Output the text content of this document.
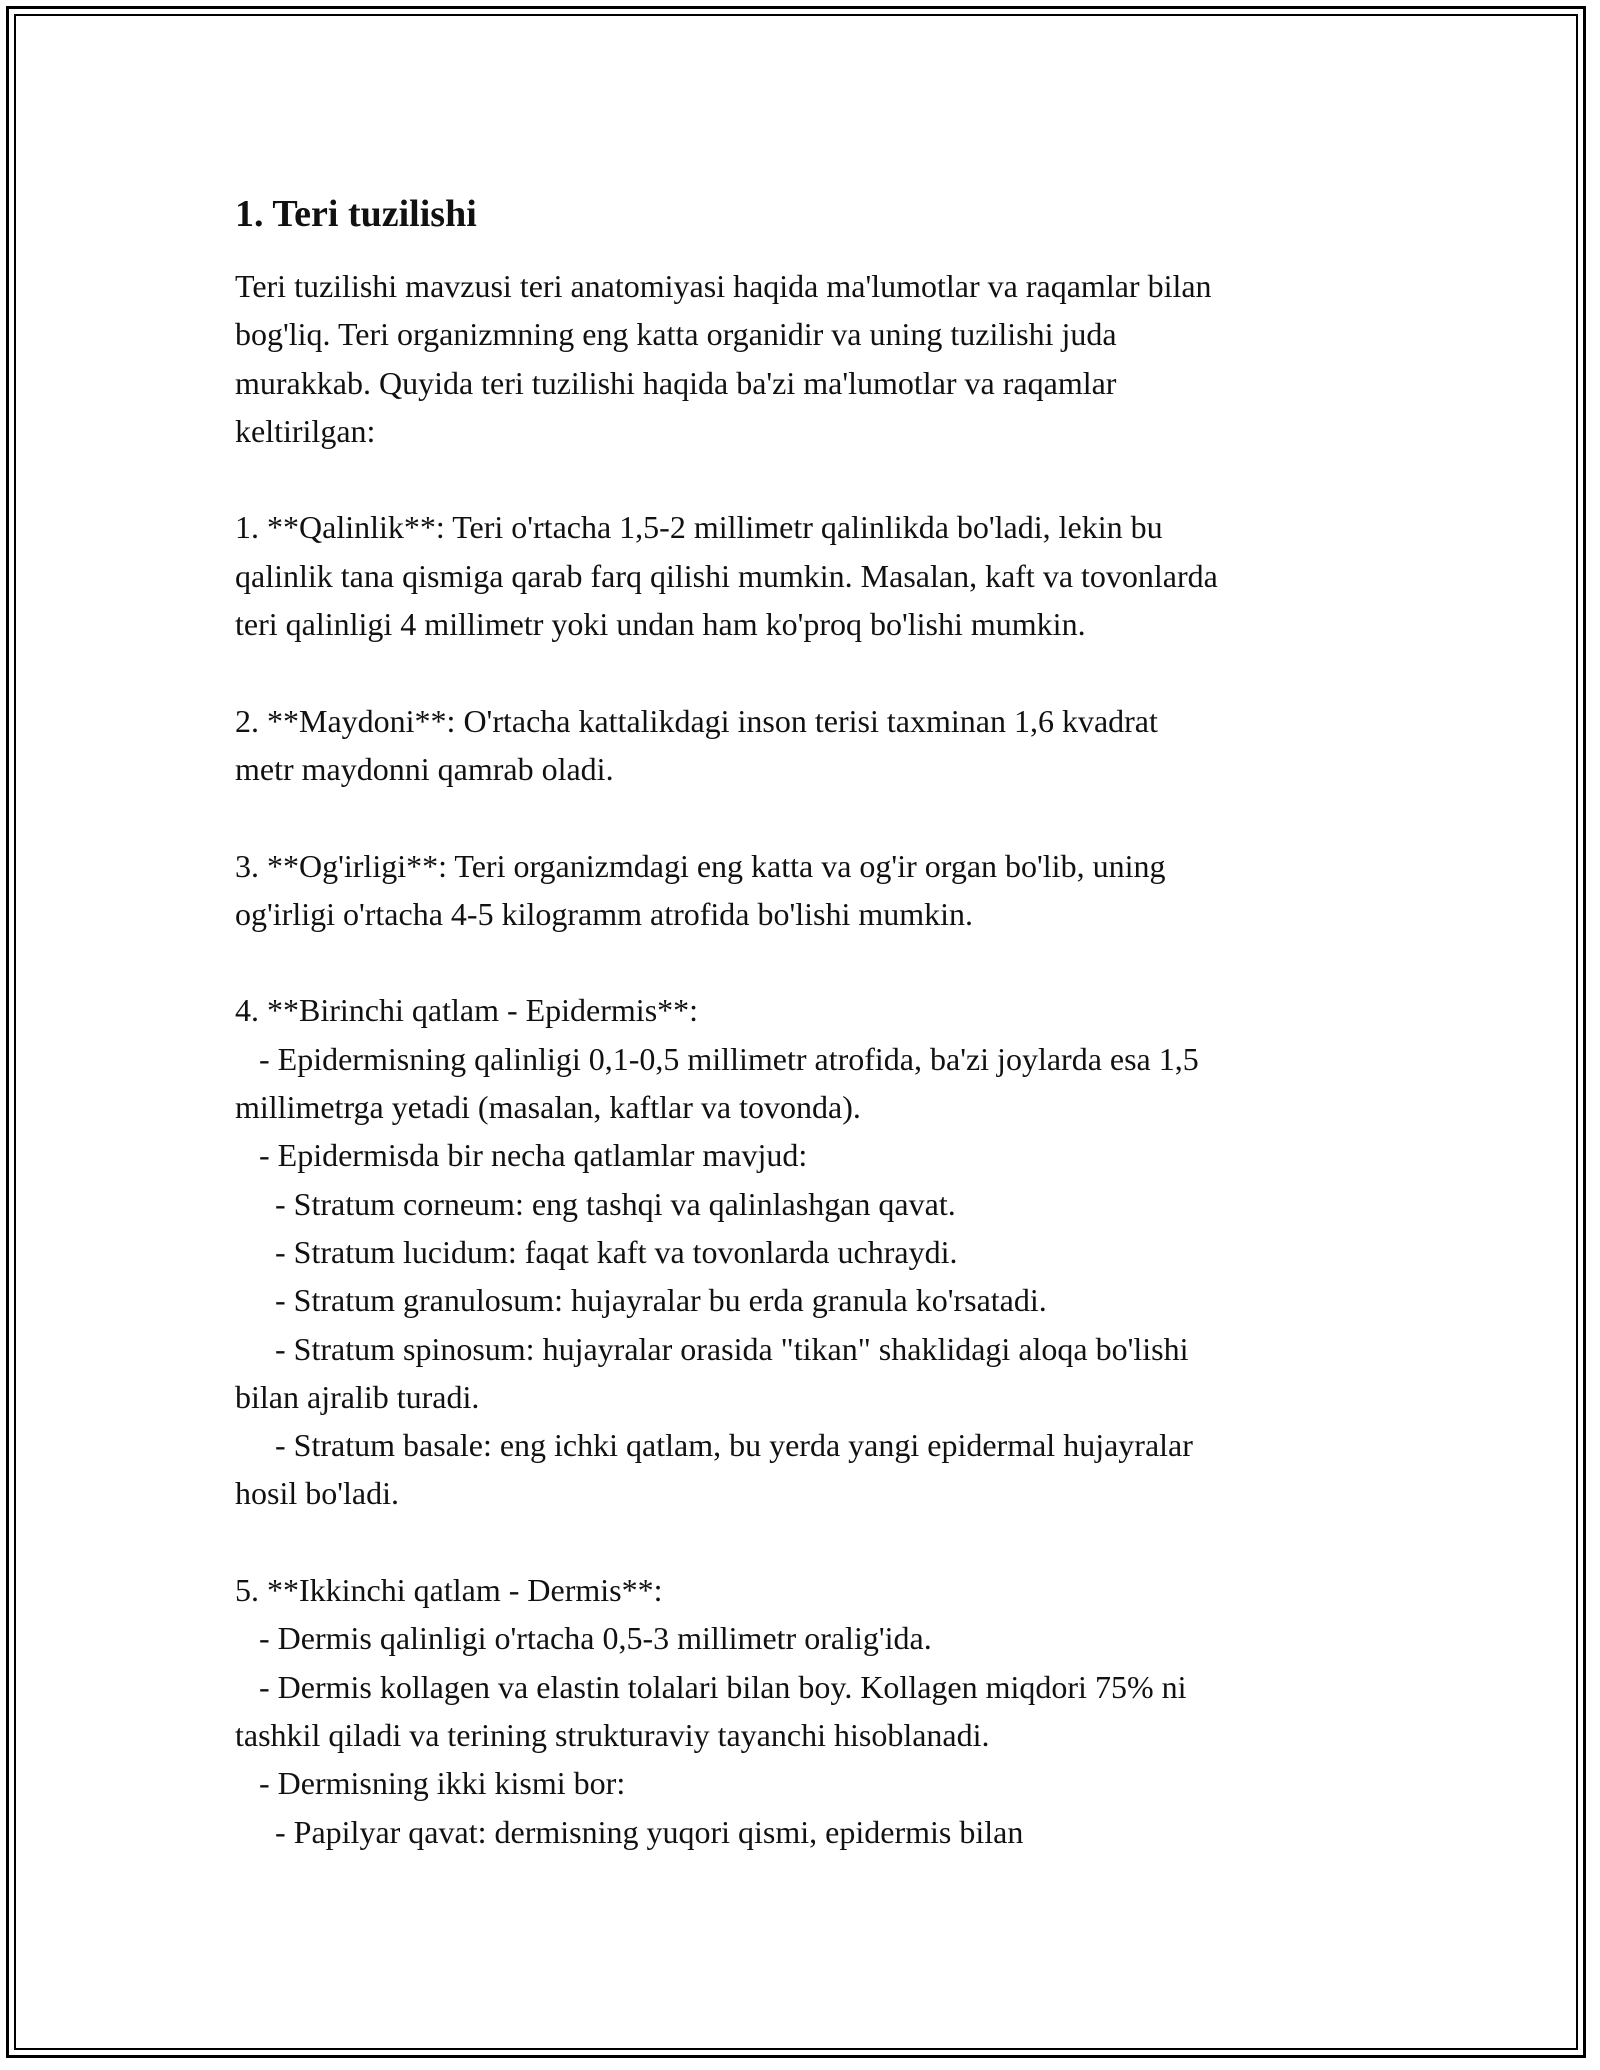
1. Teri tuzilishi
Teri tuzilishi mavzusi teri anatomiyasi haqida ma'lumotlar va raqamlar bilan
bog'liq. Teri organizmning eng katta organidir va uning tuzilishi juda
murakkab. Quyida teri tuzilishi haqida ba'zi ma'lumotlar va raqamlar
keltirilgan:
1. **Qalinlik**: Teri o'rtacha 1,5-2 millimetr qalinlikda bo'ladi, lekin bu
qalinlik tana qismiga qarab farq qilishi mumkin. Masalan, kaft va tovonlarda
teri qalinligi 4 millimetr yoki undan ham ko'proq bo'lishi mumkin.
2. **Maydoni**: O'rtacha kattalikdagi inson terisi taxminan 1,6 kvadrat
metr maydonni qamrab oladi.
3. **Og'irligi**: Teri organizmdagi eng katta va og'ir organ bo'lib, uning
og'irligi o'rtacha 4-5 kilogramm atrofida bo'lishi mumkin.
4. **Birinchi qatlam - Epidermis**:
- Epidermisning qalinligi 0,1-0,5 millimetr atrofida, ba'zi joylarda esa 1,5
millimetrga yetadi (masalan, kaftlar va tovonda).
- Epidermisda bir necha qatlamlar mavjud:
- Stratum corneum: eng tashqi va qalinlashgan qavat.
- Stratum lucidum: faqat kaft va tovonlarda uchraydi.
- Stratum granulosum: hujayralar bu erda granula ko'rsatadi.
- Stratum spinosum: hujayralar orasida "tikan" shaklidagi aloqa bo'lishi
bilan ajralib turadi.
- Stratum basale: eng ichki qatlam, bu yerda yangi epidermal hujayralar
hosil bo'ladi.
5. **Ikkinchi qatlam - Dermis**:
- Dermis qalinligi o'rtacha 0,5-3 millimetr oralig'ida.
- Dermis kollagen va elastin tolalari bilan boy. Kollagen miqdori 75% ni
tashkil qiladi va terining strukturaviy tayanchi hisoblanadi.
- Dermisning ikki kismi bor:
- Papilyar qavat: dermisning yuqori qismi, epidermis bilan
